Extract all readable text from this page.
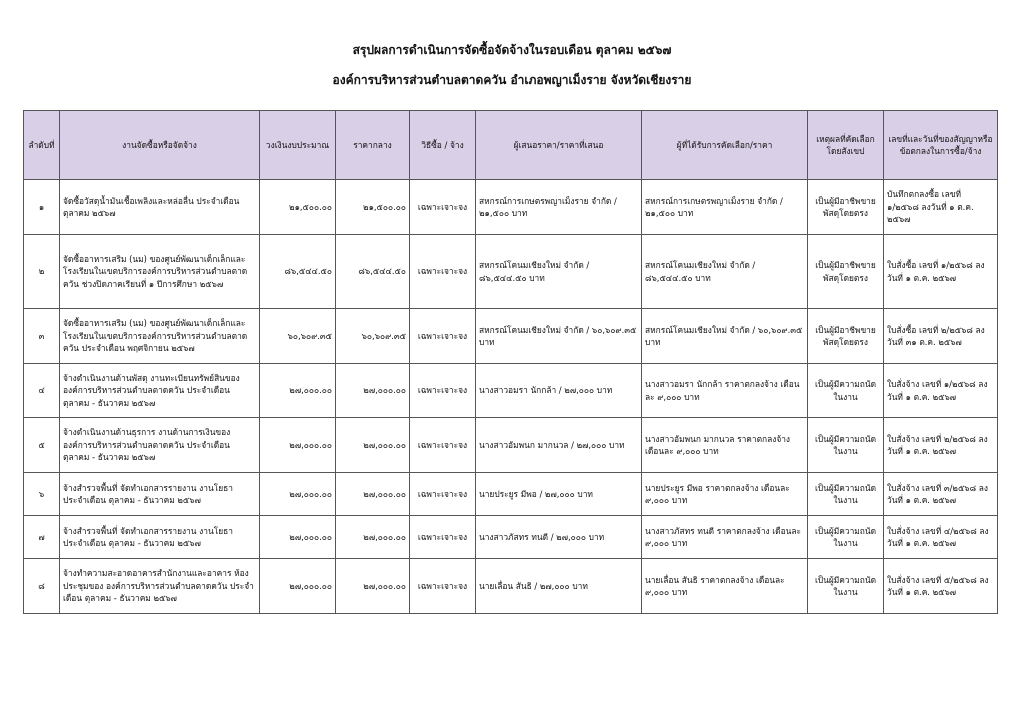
สรุปผลการดำเนินการจัดซื้อจัดจ้างในรอบเดือน ตุลาคม ๒๕๖๗
องค์การบริหารส่วนตำบลตาดควัน อำเภอพญาเม็งราย จังหวัดเชียงราย
ลำดับที่	งานจัดซื้อหรือจัดจ้าง	วงเงินงบประมาณ	ราคากลาง	วิธีซื้อ / จ้าง	ผู้เสนอราคา/ราคาที่เสนอ	ผู้ที่ได้รับการคัดเลือก/ราคา	เหตุผลที่คัดเลือกโดยสังเขป	เลขที่และวันที่ของสัญญาหรือข้อตกลงในการซื้อ/จ้าง
๑	จัดซื้อวัสดุน้ำมันเชื้อเพลิงและหล่อลื่น ประจำเดือน ตุลาคม ๒๕๖๗	๒๑,๕๐๐.๐๐	๒๑,๕๐๐.๐๐	เฉพาะเจาะจง	สหกรณ์การเกษตรพญาเม็งราย จำกัด / ๒๑,๕๐๐ บาท	สหกรณ์การเกษตรพญาเม็งราย จำกัด / ๒๑,๕๐๐ บาท	เป็นผู้มีอาชีพขายพัสดุโดยตรง	บันทึกตกลงซื้อ เลขที่ ๑/๒๕๖๘ ลงวันที่ ๑ ต.ค. ๒๕๖๗
๒	จัดซื้ออาหารเสริม (นม) ของศูนย์พัฒนาเด็กเล็กและโรงเรียนในเขตบริการองค์การบริหารส่วนตำบลตาดควัน ช่วงปิดภาคเรียนที่ ๑ ปีการศึกษา ๒๕๖๗	๘๖,๕๔๔.๕๐	๘๖,๕๔๔.๕๐	เฉพาะเจาะจง	สหกรณ์โคนมเชียงใหม่ จำกัด / ๘๖,๕๔๔.๕๐ บาท	สหกรณ์โคนมเชียงใหม่ จำกัด / ๘๖,๕๔๔.๕๐ บาท	เป็นผู้มีอาชีพขายพัสดุโดยตรง	ใบสั่งซื้อ เลขที่ ๑/๒๕๖๘ ลงวันที่ ๑ ต.ค. ๒๕๖๗
๓	จัดซื้ออาหารเสริม (นม) ของศูนย์พัฒนาเด็กเล็กและโรงเรียนในเขตบริการองค์การบริหารส่วนตำบลตาดควัน ประจำเดือน พฤศจิกายน ๒๕๖๗	๖๐,๖๐๙.๓๕	๖๐,๖๐๙.๓๕	เฉพาะเจาะจง	สหกรณ์โคนมเชียงใหม่ จำกัด / ๖๐,๖๐๙.๓๕ บาท	สหกรณ์โคนมเชียงใหม่ จำกัด / ๖๐,๖๐๙.๓๕ บาท	เป็นผู้มีอาชีพขายพัสดุโดยตรง	ใบสั่งซื้อ เลขที่ ๒/๒๕๖๘ ลงวันที่ ๓๑ ต.ค. ๒๕๖๗
๔	จ้างดำเนินงานด้านพัสดุ งานทะเบียนทรัพย์สินของ องค์การบริหารส่วนตำบลตาดควัน ประจำเดือน ตุลาคม - ธันวาคม ๒๕๖๗	๒๗,๐๐๐.๐๐	๒๗,๐๐๐.๐๐	เฉพาะเจาะจง	นางสาวอมรา นักกล้า / ๒๗,๐๐๐ บาท	นางสาวอมรา นักกล้า ราคาตกลงจ้าง เดือนละ ๙,๐๐๐ บาท	เป็นผู้มีความถนัดในงาน	ใบสั่งจ้าง เลขที่ ๑/๒๕๖๘ ลงวันที่ ๑ ต.ค. ๒๕๖๗
๕	จ้างดำเนินงานด้านธุรการ งานด้านการเงินของ องค์การบริหารส่วนตำบลตาดควัน ประจำเดือน ตุลาคม - ธันวาคม ๒๕๖๗	๒๗,๐๐๐.๐๐	๒๗,๐๐๐.๐๐	เฉพาะเจาะจง	นางสาวอัมพนก มากนวล / ๒๗,๐๐๐ บาท	นางสาวอัมพนก มากนวล ราคาตกลงจ้าง เดือนละ ๙,๐๐๐ บาท	เป็นผู้มีความถนัดในงาน	ใบสั่งจ้าง เลขที่ ๒/๒๕๖๘ ลงวันที่ ๑ ต.ค. ๒๕๖๗
๖	จ้างสำรวจพื้นที่ จัดทำเอกสารรายงาน งานโยธา ประจำเดือน ตุลาคม - ธันวาคม ๒๕๖๗	๒๗,๐๐๐.๐๐	๒๗,๐๐๐.๐๐	เฉพาะเจาะจง	นายประยูร มีพอ / ๒๗,๐๐๐ บาท	นายประยูร มีพอ ราคาตกลงจ้าง เดือนละ ๙,๐๐๐ บาท	เป็นผู้มีความถนัดในงาน	ใบสั่งจ้าง เลขที่ ๓/๒๕๖๘ ลงวันที่ ๑ ต.ค. ๒๕๖๗
๗	จ้างสำรวจพื้นที่ จัดทำเอกสารรายงาน งานโยธา ประจำเดือน ตุลาคม - ธันวาคม ๒๕๖๗	๒๗,๐๐๐.๐๐	๒๗,๐๐๐.๐๐	เฉพาะเจาะจง	นางสาวภัสทร ทนดี / ๒๗,๐๐๐ บาท	นางสาวภัสทร ทนดี ราคาตกลงจ้าง เดือนละ ๙,๐๐๐ บาท	เป็นผู้มีความถนัดในงาน	ใบสั่งจ้าง เลขที่ ๔/๒๕๖๘ ลงวันที่ ๑ ต.ค. ๒๕๖๗
๘	จ้างทำความสะอาดอาคารสำนักงานและอาคาร ห้องประชุมของ องค์การบริหารส่วนตำบลตาดควัน ประจำเดือน ตุลาคม - ธันวาคม ๒๕๖๗	๒๗,๐๐๐.๐๐	๒๗,๐๐๐.๐๐	เฉพาะเจาะจง	นายเลื่อน สันธิ / ๒๗,๐๐๐ บาท	นายเลื่อน สันธิ ราคาตกลงจ้าง เดือนละ ๙,๐๐๐ บาท	เป็นผู้มีความถนัดในงาน	ใบสั่งจ้าง เลขที่ ๕/๒๕๖๘ ลงวันที่ ๑ ต.ค. ๒๕๖๗
